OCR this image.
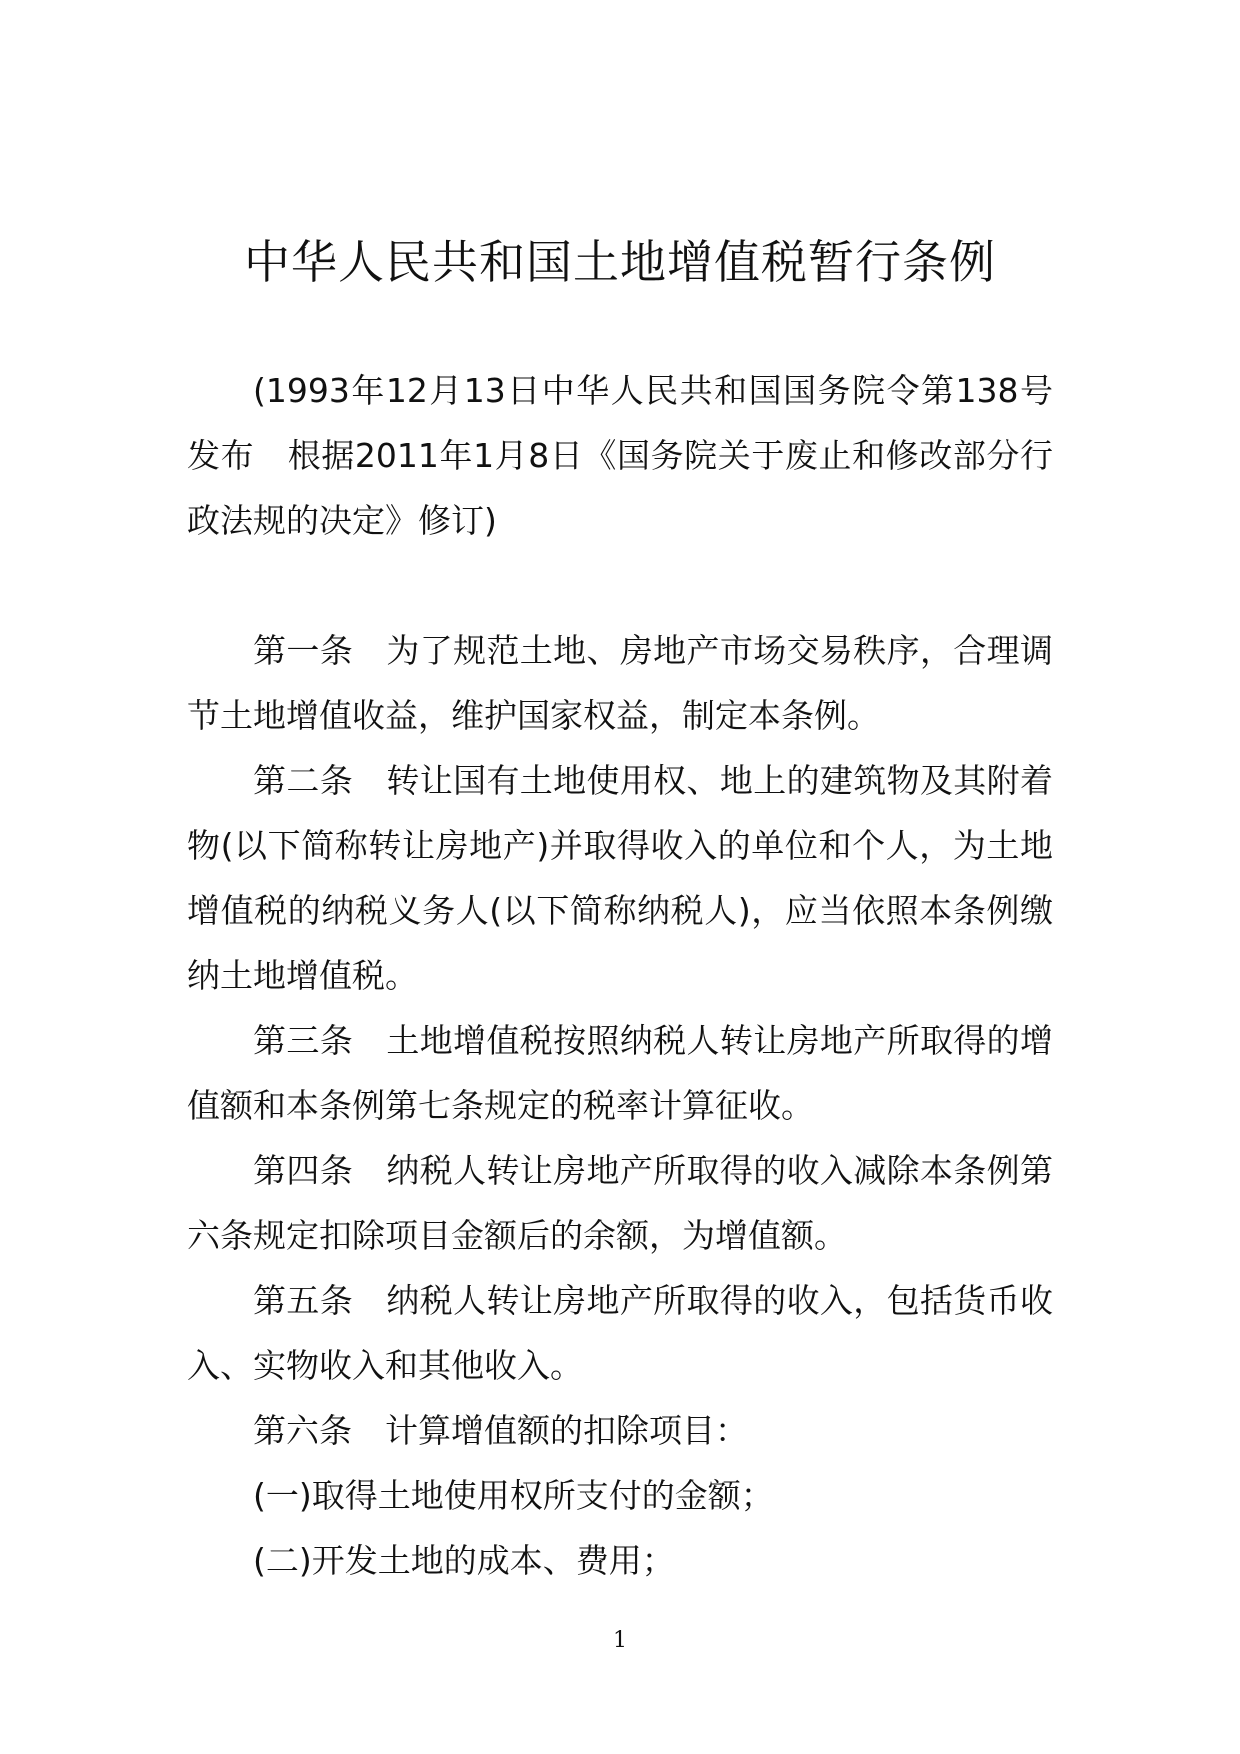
中华人民共和国土地增值税暂行条例

(1993年12月13日中华人民共和国国务院令第138号发布　根据2011年1月8日《国务院关于废止和修改部分行政法规的决定》修订)

第一条 为了规范土地、房地产市场交易秩序，合理调节土地增值收益，维护国家权益，制定本条例。

第二条 转让国有土地使用权、地上的建筑物及其附着物(以下简称转让房地产)并取得收入的单位和个人，为土地增值税的纳税义务人(以下简称纳税人)，应当依照本条例缴纳土地增值税。

第三条 土地增值税按照纳税人转让房地产所取得的增值额和本条例第七条规定的税率计算征收。

第四条 纳税人转让房地产所取得的收入减除本条例第六条规定扣除项目金额后的余额，为增值额。

第五条 纳税人转让房地产所取得的收入，包括货币收入、实物收入和其他收入。

第六条 计算增值额的扣除项目：

(一)取得土地使用权所支付的金额；

(二)开发土地的成本、费用；

1
